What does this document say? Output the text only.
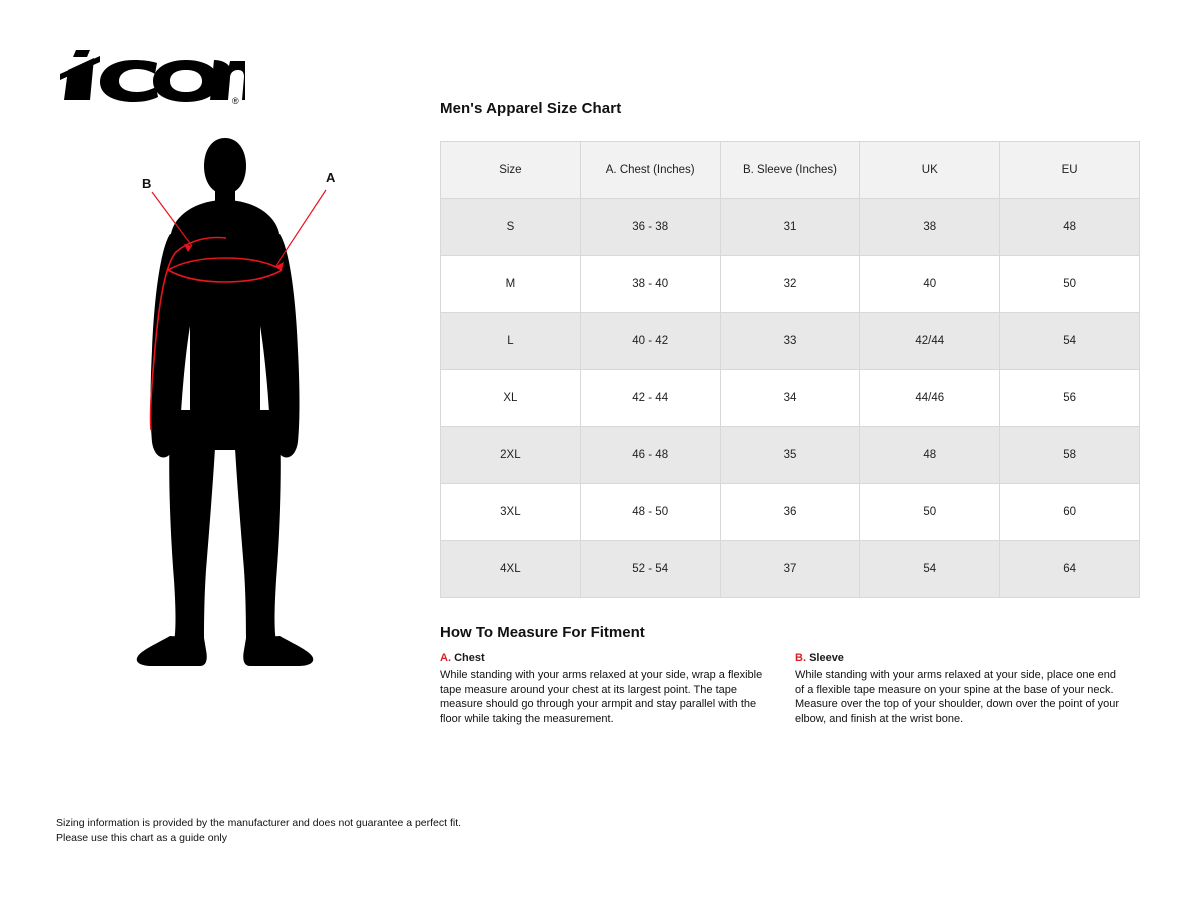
®
A
B
Men's Apparel Size Chart
Size	A. Chest (Inches)	B. Sleeve (Inches)	UK	EU
S	36 - 38	31	38	48
M	38 - 40	32	40	50
L	40 - 42	33	42/44	54
XL	42 - 44	34	44/46	56
2XL	46 - 48	35	48	58
3XL	48 - 50	36	50	60
4XL	52 - 54	37	54	64
How To Measure For Fitment
A. Chest
While standing with your arms relaxed at your side, wrap a flexible tape measure around your chest at its largest point. The tape measure should go through your armpit and stay parallel with the floor while taking the measurement.
B. Sleeve
While standing with your arms relaxed at your side, place one end of a flexible tape measure on your spine at the base of your neck. Measure over the top of your shoulder, down over the point of your elbow, and finish at the wrist bone.
Sizing information is provided by the manufacturer and does not guarantee a perfect fit.
Please use this chart as a guide only
